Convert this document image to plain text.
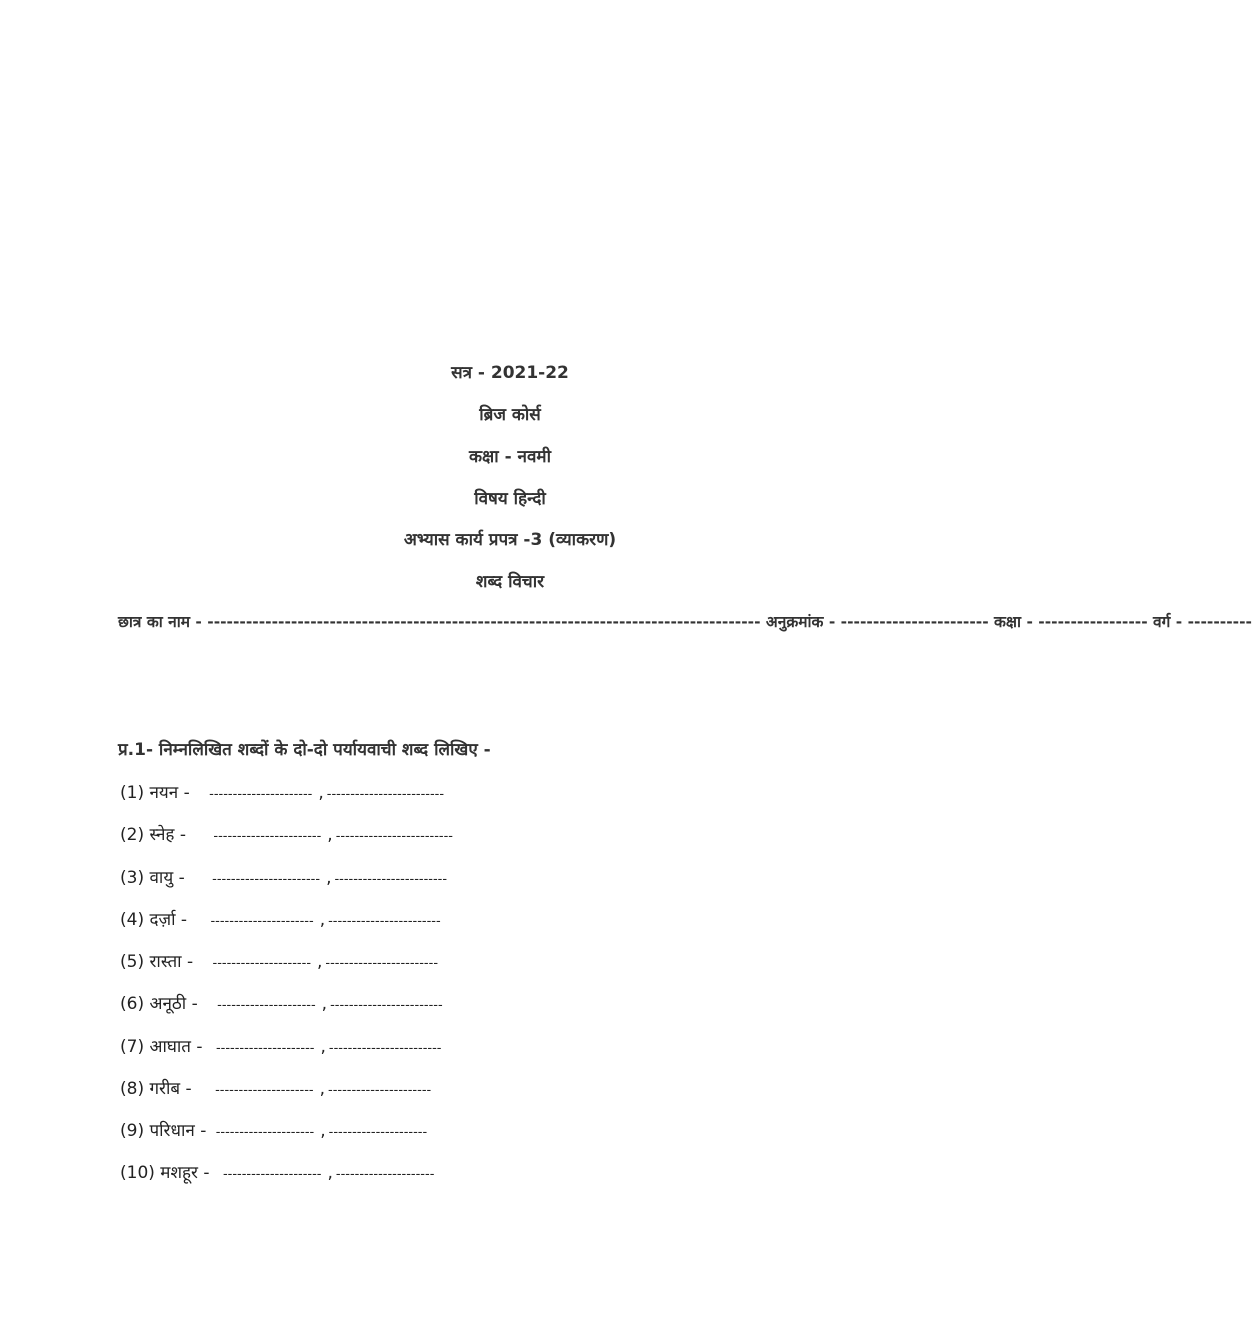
सत्र - 2021-22
ब्रिज कोर्स
कक्षा - नवमी
विषय हिन्दी
अभ्यास कार्य प्रपत्र -3 (व्याकरण)
शब्द विचार
छात्र का नाम - -------------------------------------------------------------------------------------- अनुक्रमांक - ----------------------- कक्षा - ----------------- वर्ग - ----------
प्र.1- निम्नलिखित शब्दों के दो-दो पर्यायवाची शब्द लिखिए -
(1) नयन - ---------------------- , -------------------------
(2) स्नेह - ----------------------- , -------------------------
(3) वायु - ----------------------- , ------------------------
(4) दर्ज़ा - ---------------------- , ------------------------
(5) रास्ता - --------------------- , ------------------------
(6) अनूठी - --------------------- , ------------------------
(7) आघात - --------------------- , ------------------------
(8) गरीब - --------------------- , ----------------------
(9) परिधान - --------------------- , ---------------------
(10) मशहूर - --------------------- , ---------------------
